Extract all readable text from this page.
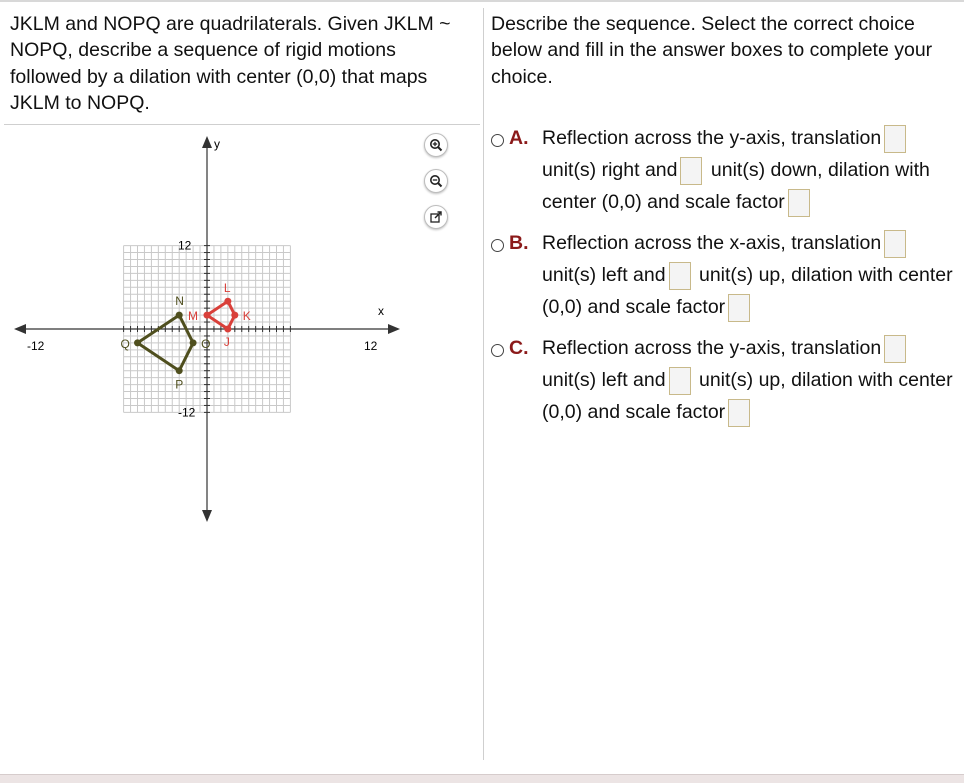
JKLM and NOPQ are quadrilaterals. Given JKLM ~ NOPQ, describe a sequence of rigid motions followed by a dilation with center (0,0) that maps JKLM to NOPQ.
Describe the sequence. Select the correct choice below and fill in the answer boxes to complete your choice.
x
y
-12	12
12
-12
J
K
L
M
N
O
P
Q
A. Reflection across the y-axis, translation
unit(s) right and unit(s) down, dilation with center (0,0) and scale factor
B. Reflection across the x-axis, translation
unit(s) left and unit(s) up, dilation with center (0,0) and scale factor
C. Reflection across the y-axis, translation
unit(s) left and unit(s) up, dilation with center (0,0) and scale factor
